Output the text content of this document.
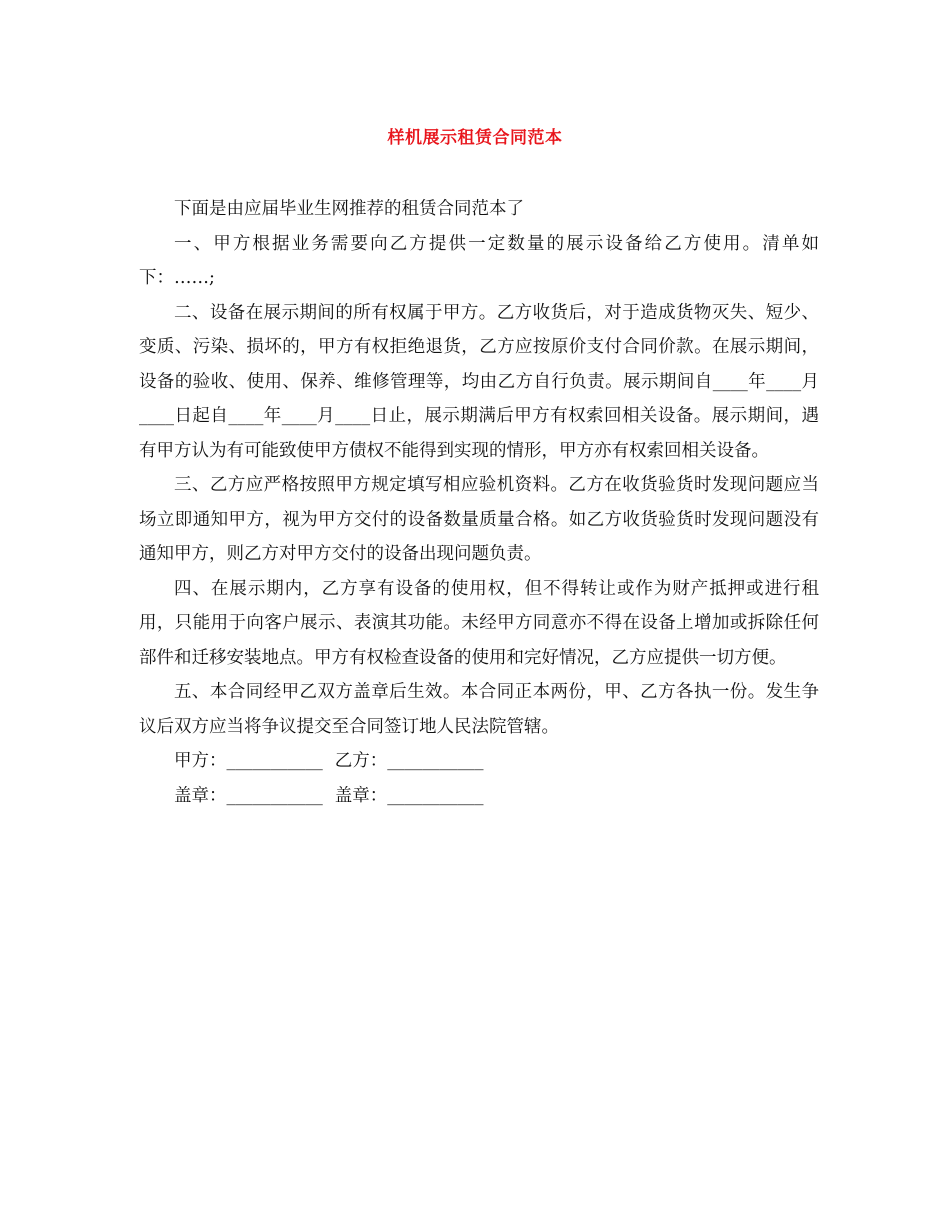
样机展示租赁合同范本

下面是由应届毕业生网推荐的租赁合同范本了

一、甲方根据业务需要向乙方提供一定数量的展示设备给乙方使用。清单如下：……;

二、设备在展示期间的所有权属于甲方。乙方收货后，对于造成货物灭失、短少、变质、污染、损坏的，甲方有权拒绝退货，乙方应按原价支付合同价款。在展示期间，设备的验收、使用、保养、维修管理等，均由乙方自行负责。展示期间自____年____月____日起自____年____月____日止，展示期满后甲方有权索回相关设备。展示期间，遇有甲方认为有可能致使甲方债权不能得到实现的情形，甲方亦有权索回相关设备。

三、乙方应严格按照甲方规定填写相应验机资料。乙方在收货验货时发现问题应当场立即通知甲方，视为甲方交付的设备数量质量合格。如乙方收货验货时发现问题没有通知甲方，则乙方对甲方交付的设备出现问题负责。

四、在展示期内，乙方享有设备的使用权，但不得转让或作为财产抵押或进行租用，只能用于向客户展示、表演其功能。未经甲方同意亦不得在设备上增加或拆除任何部件和迁移安装地点。甲方有权检查设备的使用和完好情况，乙方应提供一切方便。

五、本合同经甲乙双方盖章后生效。本合同正本两份，甲、乙方各执一份。发生争议后双方应当将争议提交至合同签订地人民法院管辖。

甲方：___________ 乙方：___________

盖章：___________ 盖章：___________
